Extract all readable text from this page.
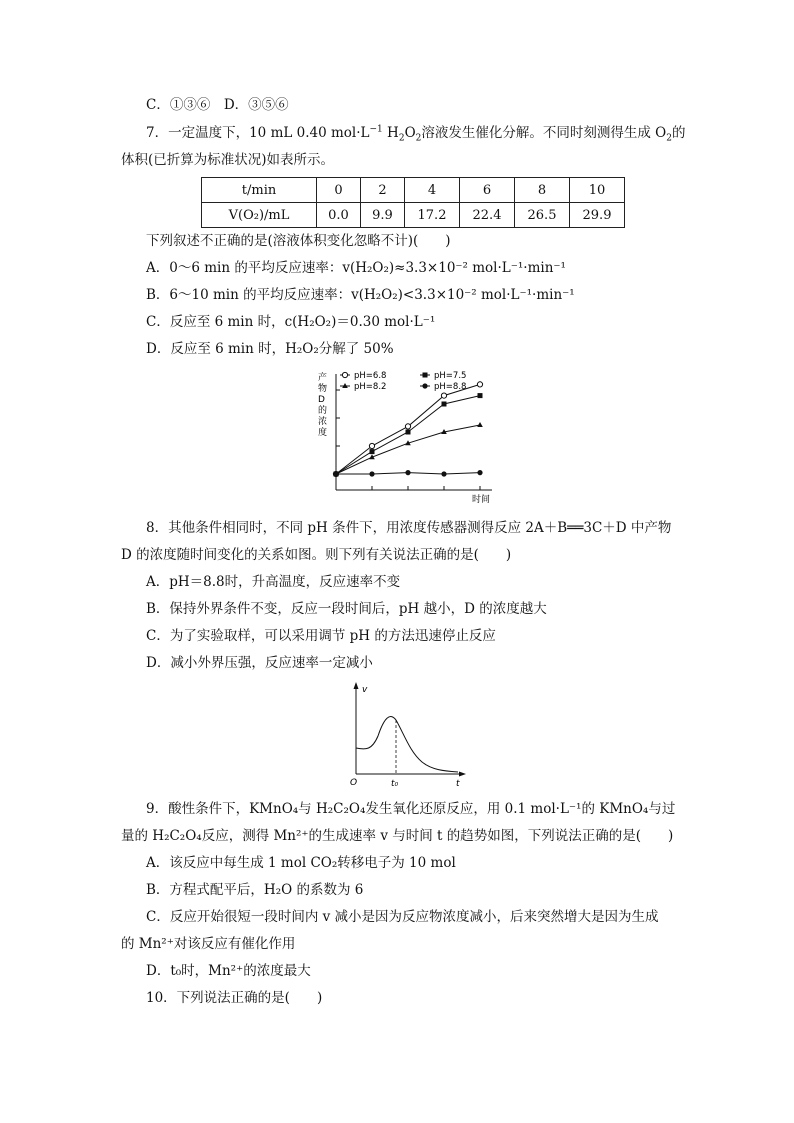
C．①③⑥　D．③⑤⑥
7．一定温度下，10 mL 0.40 $mol\cdot L^{-1}$ $H_2O_2$溶液发生催化分解。不同时刻测得生成 $O_2$的
体积(已折算为标准状况)如表所示。
t/min	0	2	4	6	8	10
V(O₂)/mL	0.0	9.9	17.2	22.4	26.5	29.9
下列叙述不正确的是(溶液体积变化忽略不计)(　　)
A．0～6 min 的平均反应速率：v(H₂O₂)≈3.3×10⁻² mol·L⁻¹·min⁻¹
B．6～10 min 的平均反应速率：v(H₂O₂)<3.3×10⁻² mol·L⁻¹·min⁻¹
C．反应至 6 min 时，c(H₂O₂)＝0.30 mol·L⁻¹
D．反应至 6 min 时，H₂O₂分解了 50%
产物 D 的浓度
时间
pH=6.8	pH=7.5
pH=8.2	pH=8.8
8．其他条件相同时，不同 pH 条件下，用浓度传感器测得反应 2A＋B══3C＋D 中产物
D 的浓度随时间变化的关系如图。则下列有关说法正确的是(　　)
A．pH＝8.8时，升高温度，反应速率不变
B．保持外界条件不变，反应一段时间后，pH 越小，D 的浓度越大
C．为了实验取样，可以采用调节 pH 的方法迅速停止反应
D．减小外界压强，反应速率一定减小
v
t
O	t₀
9．酸性条件下，KMnO₄与 H₂C₂O₄发生氧化还原反应，用 0.1 mol·L⁻¹的 KMnO₄与过
量的 H₂C₂O₄反应，测得 Mn²⁺的生成速率 v 与时间 t 的趋势如图，下列说法正确的是(　　)
A．该反应中每生成 1 mol CO₂转移电子为 10 mol
B．方程式配平后，H₂O 的系数为 6
C．反应开始很短一段时间内 v 减小是因为反应物浓度减小，后来突然增大是因为生成
的 Mn²⁺对该反应有催化作用
D．t₀时，Mn²⁺的浓度最大
10．下列说法正确的是(　　)
